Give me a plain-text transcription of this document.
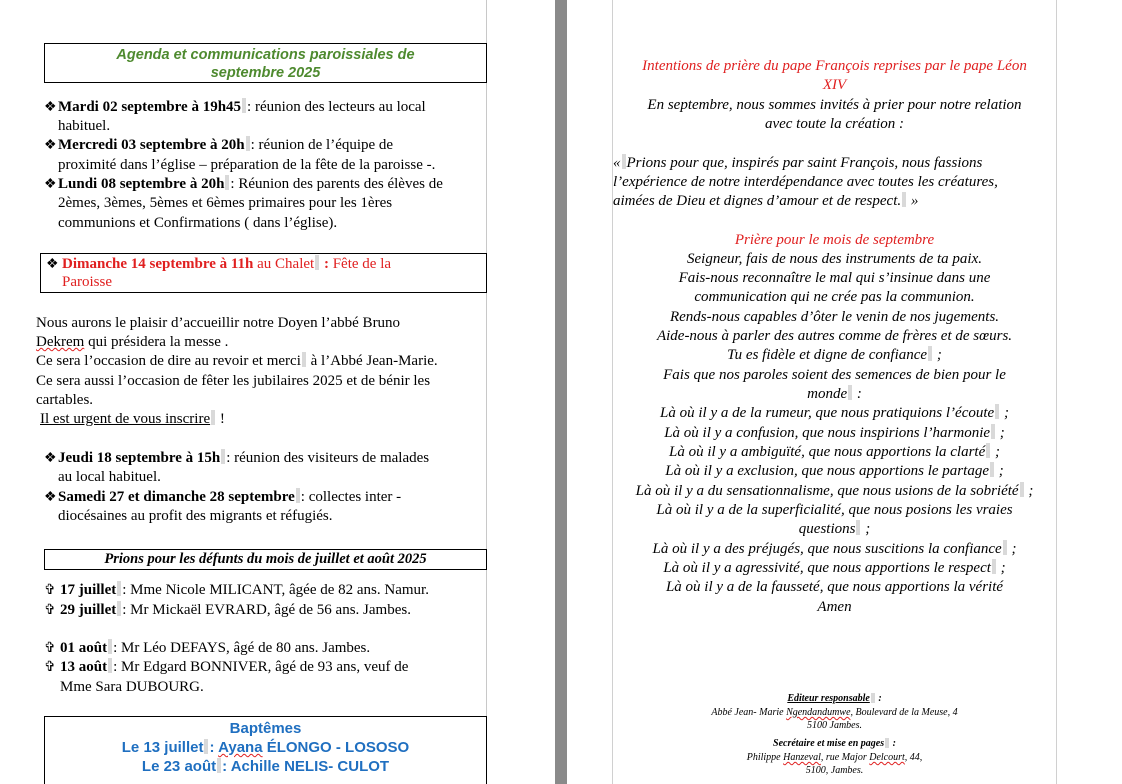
Agenda et communications paroissiales de
septembre 2025
❖ Mardi 02 septembre à 19h45 : réunion des lecteurs au local
habituel.
❖ Mercredi 03 septembre à 20h : réunion de l’équipe de
proximité dans l’église – préparation de la fête de la paroisse -.
❖ Lundi 08 septembre à 20h : Réunion des parents des élèves de
2èmes, 3èmes, 5èmes et 6èmes primaires pour les 1ères
communions et Confirmations ( dans l’église).
❖ Dimanche 14 septembre à 11h au Chalet : Fête de la
Paroisse
Nous aurons le plaisir d’accueillir notre Doyen l’abbé Bruno
Dekrem qui présidera la messe .
Ce sera l’occasion de dire au revoir et merci à l’Abbé Jean-Marie.
Ce sera aussi l’occasion de fêter les jubilaires 2025 et de bénir les
cartables.
Il est urgent de vous inscrire !
❖ Jeudi 18 septembre à 15h : réunion des visiteurs de malades
au local habituel.
❖ Samedi 27 et dimanche 28 septembre : collectes inter -
diocésaines au profit des migrants et réfugiés.
Prions pour les défunts du mois de juillet et août 2025
✞ 17 juillet : Mme Nicole MILICANT, âgée de 82 ans. Namur.
✞ 29 juillet : Mr Mickaël EVRARD, âgé de 56 ans. Jambes.
✞ 01 août : Mr Léo DEFAYS, âgé de 80 ans. Jambes.
✞ 13 août : Mr Edgard BONNIVER, âgé de 93 ans, veuf de
Mme Sara DUBOURG.
Baptêmes
Le 13 juillet : Ayana ÉLONGO - LOSOSO
Le 23 août : Achille NELIS- CULOT
Intentions de prière du pape François reprises par le pape Léon
XIV
En septembre, nous sommes invités à prier pour notre relation
avec toute la création :
« Prions pour que, inspirés par saint François, nous fassions
l’expérience de notre interdépendance avec toutes les créatures,
aimées de Dieu et dignes d’amour et de respect. »
Prière pour le mois de septembre
Seigneur, fais de nous des instruments de ta paix.
Fais-nous reconnaître le mal qui s’insinue dans une
communication qui ne crée pas la communion.
Rends-nous capables d’ôter le venin de nos jugements.
Aide-nous à parler des autres comme de frères et de sœurs.
Tu es fidèle et digne de confiance ;
Fais que nos paroles soient des semences de bien pour le
monde :
Là où il y a de la rumeur, que nous pratiquions l’écoute ;
Là où il y a confusion, que nous inspirions l’harmonie ;
Là où il y a ambiguïté, que nous apportions la clarté ;
Là où il y a exclusion, que nous apportions le partage ;
Là où il y a du sensationnalisme, que nous usions de la sobriété ;
Là où il y a de la superficialité, que nous posions les vraies
questions ;
Là où il y a des préjugés, que nous suscitions la confiance ;
Là où il y a agressivité, que nous apportions le respect ;
Là où il y a de la fausseté, que nous apportions la vérité
Amen
Editeur responsable :
Abbé Jean- Marie Ngendandumwe, Boulevard de la Meuse, 4
5100 Jambes.
Secrétaire et mise en pages :
Philippe Hanzeval, rue Major Delcourt, 44,
5100, Jambes.
